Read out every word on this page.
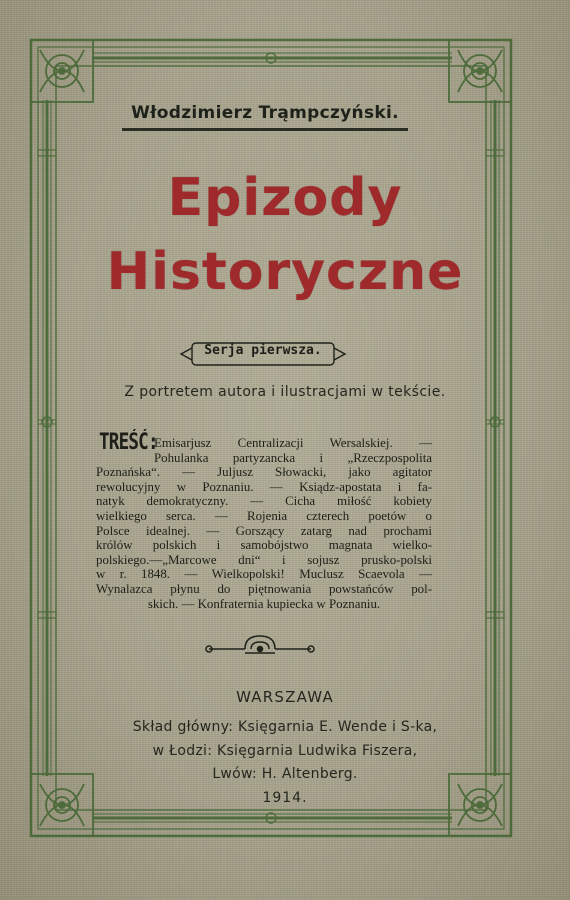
Włodzimierz Trąmpczyński.
Epizody
Historyczne
Serja pierwsza.
Z portretem autora i ilustracjami w tekście.
TREŚĆ:
Emisarjusz Centralizacji Wersalskiej. —
Pohulanka partyzancka i „Rzeczpospolita
Poznańska“. — Juljusz Słowacki, jako agitator
rewolucyjny w Poznaniu. — Ksiądz-apostata i fa-
natyk demokratyczny. — Cicha miłość kobiety
wielkiego serca. — Rojenia czterech poetów o
Polsce idealnej. — Gorszący zatarg nad prochami
królów polskich i samobójstwo magnata wielko-
polskiego.—„Marcowe dni“ i sojusz prusko-polski
w r. 1848. — Wielkopolski! Muclusz Scaevola —
Wynalazca płynu do piętnowania powstańców pol-
skich. — Konfraternia kupiecka w Poznaniu.
WARSZAWA
Skład główny: Księgarnia E. Wende i S-ka,
w Łodzi: Księgarnia Ludwika Fiszera,
Lwów: H. Altenberg.
1914.
